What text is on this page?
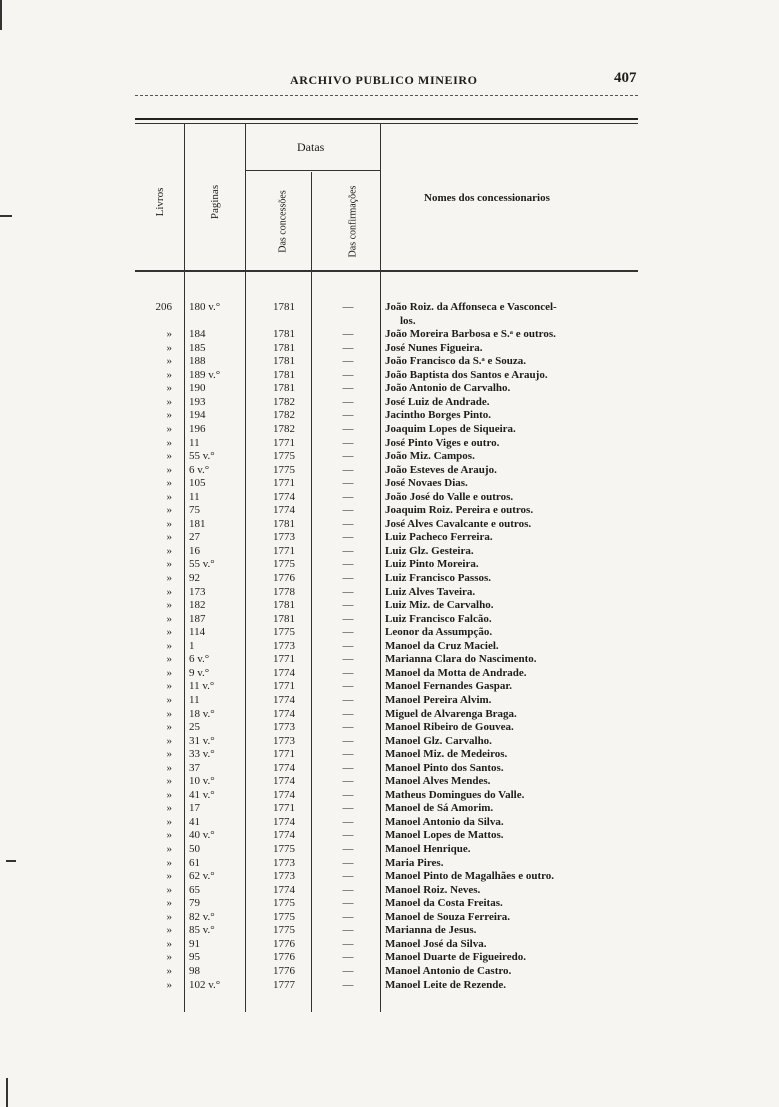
ARCHIVO PUBLICO MINEIRO	407
Livros	Paginas
Datas
Das concessões	Das confirmações	Nomes dos concessionarios
206 180 v.°	1781	—	João Roiz. da Affonseca e Vasconcel-
los.
» 184	1781	—	João Moreira Barbosa e S.ᵃ e outros.
» 185	1781	—	José Nunes Figueira.
» 188	1781	—	João Francisco da S.ᵃ e Souza.
» 189 v.°	1781	—	João Baptista dos Santos e Araujo.
» 190	1781	—	João Antonio de Carvalho.
» 193	1782	—	José Luiz de Andrade.
» 194	1782	—	Jacintho Borges Pinto.
» 196	1782	—	Joaquim Lopes de Siqueira.
» 11	1771	—	José Pinto Viges e outro.
» 55 v.°	1775	—	João Miz. Campos.
» 6 v.°	1775	—	João Esteves de Araujo.
» 105	1771	—	José Novaes Dias.
» 11	1774	—	João José do Valle e outros.
» 75	1774	—	Joaquim Roiz. Pereira e outros.
» 181	1781	—	José Alves Cavalcante e outros.
» 27	1773	—	Luiz Pacheco Ferreira.
» 16	1771	—	Luiz Glz. Gesteira.
» 55 v.°	1775	—	Luiz Pinto Moreira.
» 92	1776	—	Luiz Francisco Passos.
» 173	1778	—	Luiz Alves Taveira.
» 182	1781	—	Luiz Miz. de Carvalho.
» 187	1781	—	Luiz Francisco Falcão.
» 114	1775	—	Leonor da Assumpção.
» 1	1773	—	Manoel da Cruz Maciel.
» 6 v.°	1771	—	Marianna Clara do Nascimento.
» 9 v.°	1774	—	Manoel da Motta de Andrade.
» 11 v.°	1771	—	Manoel Fernandes Gaspar.
» 11	1774	—	Manoel Pereira Alvim.
» 18 v.°	1774	—	Miguel de Alvarenga Braga.
» 25	1773	—	Manoel Ribeiro de Gouvea.
» 31 v.°	1773	—	Manoel Glz. Carvalho.
» 33 v.°	1771	—	Manoel Miz. de Medeiros.
» 37	1774	—	Manoel Pinto dos Santos.
» 10 v.°	1774	—	Manoel Alves Mendes.
» 41 v.°	1774	—	Matheus Domingues do Valle.
» 17	1771	—	Manoel de Sá Amorim.
» 41	1774	—	Manoel Antonio da Silva.
» 40 v.°	1774	—	Manoel Lopes de Mattos.
» 50	1775	—	Manoel Henrique.
» 61	1773	—	Maria Pires.
» 62 v.°	1773	—	Manoel Pinto de Magalhães e outro.
» 65	1774	—	Manoel Roiz. Neves.
» 79	1775	—	Manoel da Costa Freitas.
» 82 v.°	1775	—	Manoel de Souza Ferreira.
» 85 v.°	1775	—	Marianna de Jesus.
» 91	1776	—	Manoel José da Silva.
» 95	1776	—	Manoel Duarte de Figueiredo.
» 98	1776	—	Manoel Antonio de Castro.
» 102 v.°	1777	—	Manoel Leite de Rezende.
